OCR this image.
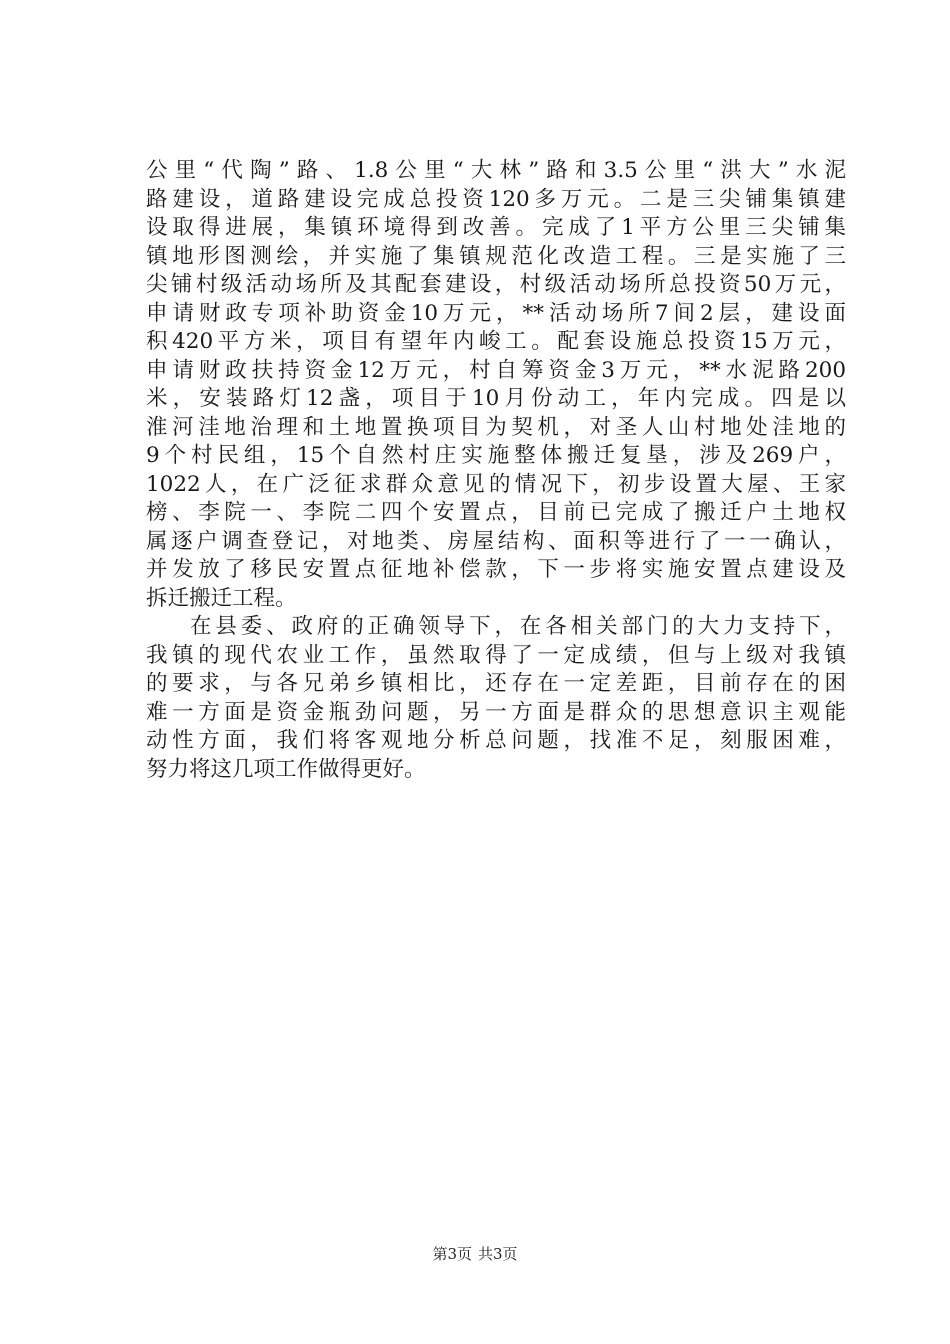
公里“代陶”路、1.8公里“大林”路和3.5公里“洪大”水泥
路建设，道路建设完成总投资120多万元。二是三尖铺集镇建
设取得进展，集镇环境得到改善。完成了1平方公里三尖铺集
镇地形图测绘，并实施了集镇规范化改造工程。三是实施了三
尖铺村级活动场所及其配套建设，村级活动场所总投资50万元，
申请财政专项补助资金10万元，**活动场所7间2层，建设面
积420平方米，项目有望年内峻工。配套设施总投资15万元，
申请财政扶持资金12万元，村自筹资金3万元，**水泥路200
米，安装路灯12盏，项目于10月份动工，年内完成。四是以
淮河洼地治理和土地置换项目为契机，对圣人山村地处洼地的
9个村民组，15个自然村庄实施整体搬迁复垦，涉及269户，
1022人，在广泛征求群众意见的情况下，初步设置大屋、王家
榜、李院一、李院二四个安置点，目前已完成了搬迁户土地权
属逐户调查登记，对地类、房屋结构、面积等进行了一一确认，
并发放了移民安置点征地补偿款，下一步将实施安置点建设及
拆迁搬迁工程。
在县委、政府的正确领导下，在各相关部门的大力支持下，
我镇的现代农业工作，虽然取得了一定成绩，但与上级对我镇
的要求，与各兄弟乡镇相比，还存在一定差距，目前存在的困
难一方面是资金瓶劲问题，另一方面是群众的思想意识主观能
动性方面，我们将客观地分析总问题，找准不足，刻服困难，
努力将这几项工作做得更好。
第3页 共3页
